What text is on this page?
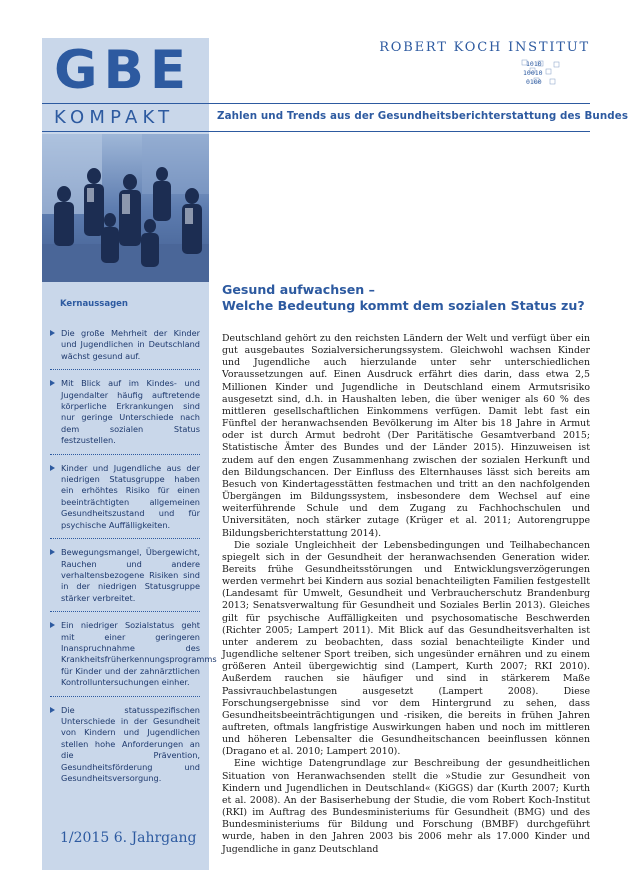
GBE
KOMPAKT	Zahlen und Trends aus der Gesundheitsberichterstattung des Bundes
ROBERT KOCH INSTITUT
1010
10010
0100
Kernaussagen
Die große Mehrheit der Kinder und Jugendlichen in Deutschland wächst gesund auf.
Mit Blick auf im Kindes- und Jugendalter häufig auftretende körperliche Erkrankungen sind nur geringe Unterschiede nach dem sozialen Status festzustellen.
Kinder und Jugendliche aus der niedrigen Statusgruppe haben ein erhöhtes Risiko für einen beeinträchtigten allgemeinen Gesundheitszustand und für psychische Auffälligkeiten.
Bewegungsmangel, Übergewicht, Rauchen und andere verhaltensbezogene Risiken sind in der niedrigen Statusgruppe stärker verbreitet.
Ein niedriger Sozialstatus geht mit einer geringeren Inanspruchnahme des Krankheitsfrüherkennungsprogramms für Kinder und der zahnärztlichen Kontrolluntersuchungen einher.
Die statusspezifischen Unterschiede in der Gesundheit von Kindern und Jugendlichen stellen hohe Anforderungen an die Prävention, Gesundheitsförderung und Gesundheitsversorgung.
1/2015 6. Jahrgang
Gesund aufwachsen –
Welche Bedeutung kommt dem sozialen Status zu?

Deutschland gehört zu den reichsten Ländern der Welt und verfügt über ein gut ausgebautes Sozialversicherungssystem. Gleichwohl wachsen Kinder und Jugendliche auch hierzulande unter sehr unterschiedlichen Voraussetzungen auf. Einen Ausdruck erfährt dies darin, dass etwa 2,5 Millionen Kinder und Jugendliche in Deutschland einem Armutsrisiko ausgesetzt sind, d.h. in Haushalten leben, die über weniger als 60 % des mittleren gesellschaftlichen Einkommens verfügen. Damit lebt fast ein Fünftel der heranwachsenden Bevölkerung im Alter bis 18 Jahre in Armut oder ist durch Armut bedroht (Der Paritätische Gesamtverband 2015; Statistische Ämter des Bundes und der Länder 2015). Hinzuweisen ist zudem auf den engen Zusammenhang zwischen der sozialen Herkunft und den Bildungschancen. Der Einfluss des Elternhauses lässt sich bereits am Besuch von Kindertagesstätten festmachen und tritt an den nachfolgenden Übergängen im Bildungssystem, insbesondere dem Wechsel auf eine weiterführende Schule und dem Zugang zu Fachhochschulen und Universitäten, noch stärker zutage (Krüger et al. 2011; Autorengruppe Bildungsberichterstattung 2014).

Die soziale Ungleichheit der Lebensbedingungen und Teilhabechancen spiegelt sich in der Gesundheit der heranwachsenden Generation wider. Bereits frühe Gesundheitsstörungen und Entwicklungsverzögerungen werden vermehrt bei Kindern aus sozial benachteiligten Familien festgestellt (Landesamt für Umwelt, Gesundheit und Verbraucherschutz Brandenburg 2013; Senatsverwaltung für Gesundheit und Soziales Berlin 2013). Gleiches gilt für psychische Auffälligkeiten und psychosomatische Beschwerden (Richter 2005; Lampert 2011). Mit Blick auf das Gesundheitsverhalten ist unter anderem zu beobachten, dass sozial benachteiligte Kinder und Jugendliche seltener Sport treiben, sich ungesünder ernähren und zu einem größeren Anteil übergewichtig sind (Lampert, Kurth 2007; RKI 2010). Außerdem rauchen sie häufiger und sind in stärkerem Maße Passivrauchbelastungen ausgesetzt (Lampert 2008). Diese Forschungsergebnisse sind vor dem Hintergrund zu sehen, dass Gesundheitsbeeinträchtigungen und -risiken, die bereits in frühen Jahren auftreten, oftmals langfristige Auswirkungen haben und noch im mittleren und höheren Lebensalter die Gesundheitschancen beeinflussen können (Dragano et al. 2010; Lampert 2010).

Eine wichtige Datengrundlage zur Beschreibung der gesundheitlichen Situation von Heranwachsenden stellt die »Studie zur Gesundheit von Kindern und Jugendlichen in Deutschland« (KiGGS) dar (Kurth 2007; Kurth et al. 2008). An der Basiserhebung der Studie, die vom Robert Koch-Institut (RKI) im Auftrag des Bundesministeriums für Gesundheit (BMG) und des Bundesministeriums für Bildung und Forschung (BMBF) durchgeführt wurde, haben in den Jahren 2003 bis 2006 mehr als 17.000 Kinder und Jugendliche in ganz Deutschland
